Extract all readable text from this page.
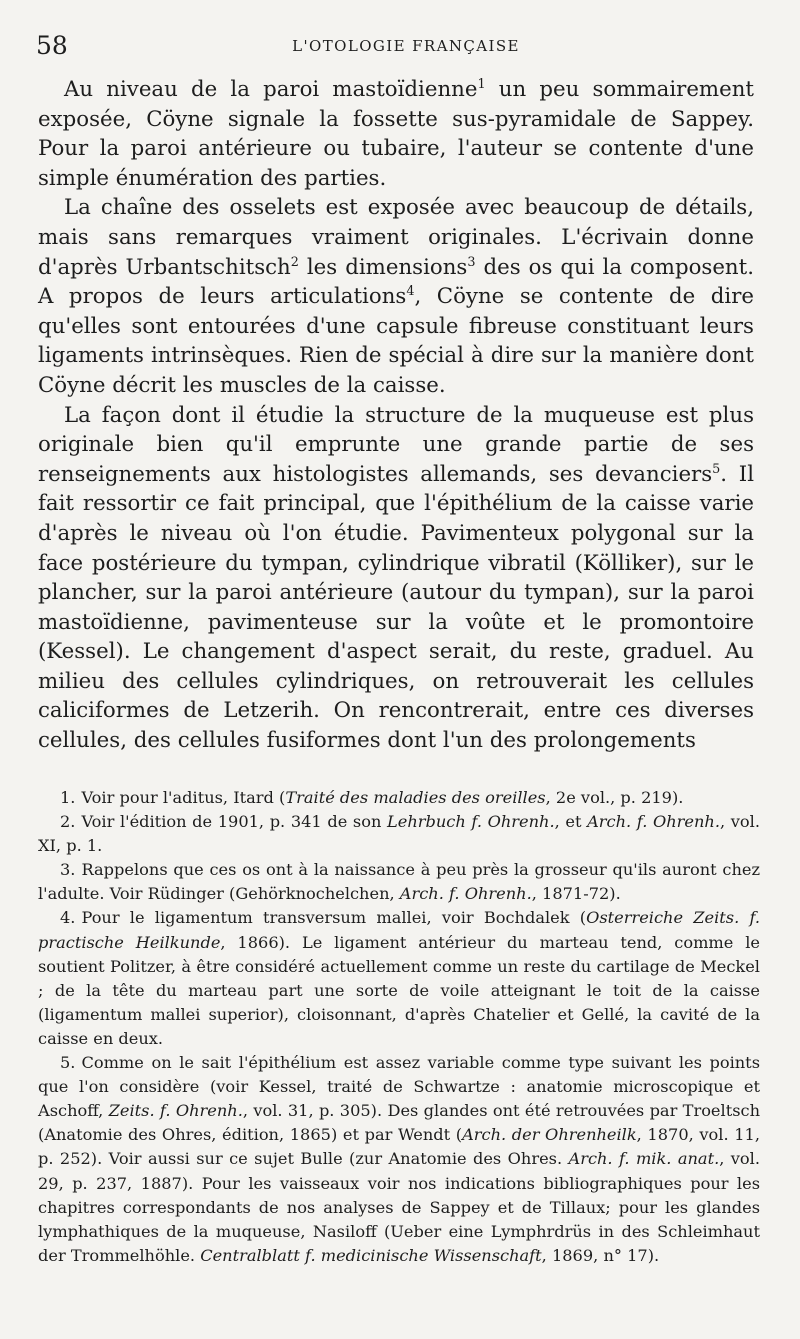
58	L'OTOLOGIE FRANÇAISE

Au niveau de la paroi mastoïdienne$^1$ un peu sommairement exposée, Cöyne signale la fossette sus-pyramidale de Sappey. Pour la paroi antérieure ou tubaire, l'auteur se contente d'une simple énumération des parties.

La chaîne des osselets est exposée avec beaucoup de détails, mais sans remarques vraiment originales. L'écrivain donne d'après Urbantschitsch$^2$ les dimensions$^3$ des os qui la composent. A propos de leurs articulations$^4$, Cöyne se contente de dire qu'elles sont entourées d'une capsule fibreuse constituant leurs ligaments intrinsèques. Rien de spécial à dire sur la manière dont Cöyne décrit les muscles de la caisse.

La façon dont il étudie la structure de la muqueuse est plus originale bien qu'il emprunte une grande partie de ses renseignements aux histologistes allemands, ses devanciers$^5$. Il fait ressortir ce fait principal, que l'épithélium de la caisse varie d'après le niveau où l'on étudie. Pavimenteux polygonal sur la face postérieure du tympan, cylindrique vibratil (Kölliker), sur le plancher, sur la paroi antérieure (autour du tympan), sur la paroi mastoïdienne, pavimenteuse sur la voûte et le promontoire (Kessel). Le changement d'aspect serait, du reste, graduel. Au milieu des cellules cylindriques, on retrouverait les cellules caliciformes de Letzerih. On rencontrerait, entre ces diverses cellules, des cellules fusiformes dont l'un des prolongements

1. Voir pour l'aditus, Itard (Traité des maladies des oreilles, 2e vol., p. 219).

2. Voir l'édition de 1901, p. 341 de son Lehrbuch f. Ohrenh., et Arch. f. Ohrenh., vol. XI, p. 1.

3. Rappelons que ces os ont à la naissance à peu près la grosseur qu'ils auront chez l'adulte. Voir Rüdinger (Gehörknochelchen, Arch. f. Ohrenh., 1871-72).

4. Pour le ligamentum transversum mallei, voir Bochdalek (Osterreiche Zeits. f. practische Heilkunde, 1866). Le ligament antérieur du marteau tend, comme le soutient Politzer, à être considéré actuellement comme un reste du cartilage de Meckel ; de la tête du marteau part une sorte de voile atteignant le toit de la caisse (ligamentum mallei superior), cloisonnant, d'après Chatelier et Gellé, la cavité de la caisse en deux.

5. Comme on le sait l'épithélium est assez variable comme type suivant les points que l'on considère (voir Kessel, traité de Schwartze : anatomie microscopique et Aschoff, Zeits. f. Ohrenh., vol. 31, p. 305). Des glandes ont été retrouvées par Troeltsch (Anatomie des Ohres, édition, 1865) et par Wendt (Arch. der Ohrenheilk, 1870, vol. 11, p. 252). Voir aussi sur ce sujet Bulle (zur Anatomie des Ohres. Arch. f. mik. anat., vol. 29, p. 237, 1887). Pour les vaisseaux voir nos indications bibliographiques pour les chapitres correspondants de nos analyses de Sappey et de Tillaux; pour les glandes lymphathiques de la muqueuse, Nasiloff (Ueber eine Lymphrdrüs in des Schleimhaut der Trommelhöhle. Centralblatt f. medicinische Wissenschaft, 1869, n° 17).
